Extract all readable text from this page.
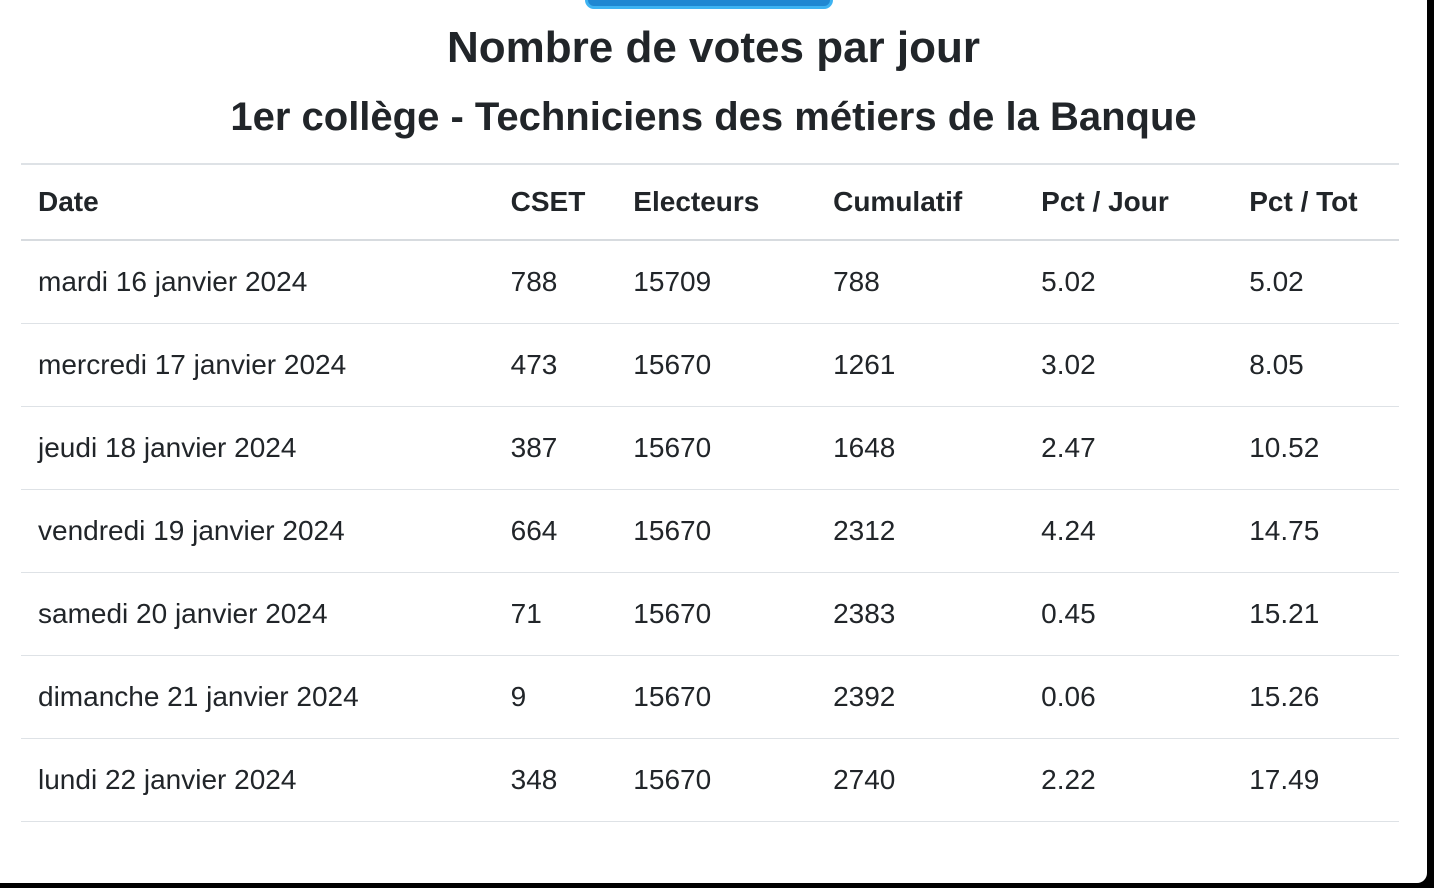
Nombre de votes par jour
1er collège - Techniciens des métiers de la Banque
Date	CSET	Electeurs	Cumulatif	Pct / Jour	Pct / Tot
mardi 16 janvier 2024	788	15709	788	5.02	5.02
mercredi 17 janvier 2024	473	15670	1261	3.02	8.05
jeudi 18 janvier 2024	387	15670	1648	2.47	10.52
vendredi 19 janvier 2024	664	15670	2312	4.24	14.75
samedi 20 janvier 2024	71	15670	2383	0.45	15.21
dimanche 21 janvier 2024	9	15670	2392	0.06	15.26
lundi 22 janvier 2024	348	15670	2740	2.22	17.49
